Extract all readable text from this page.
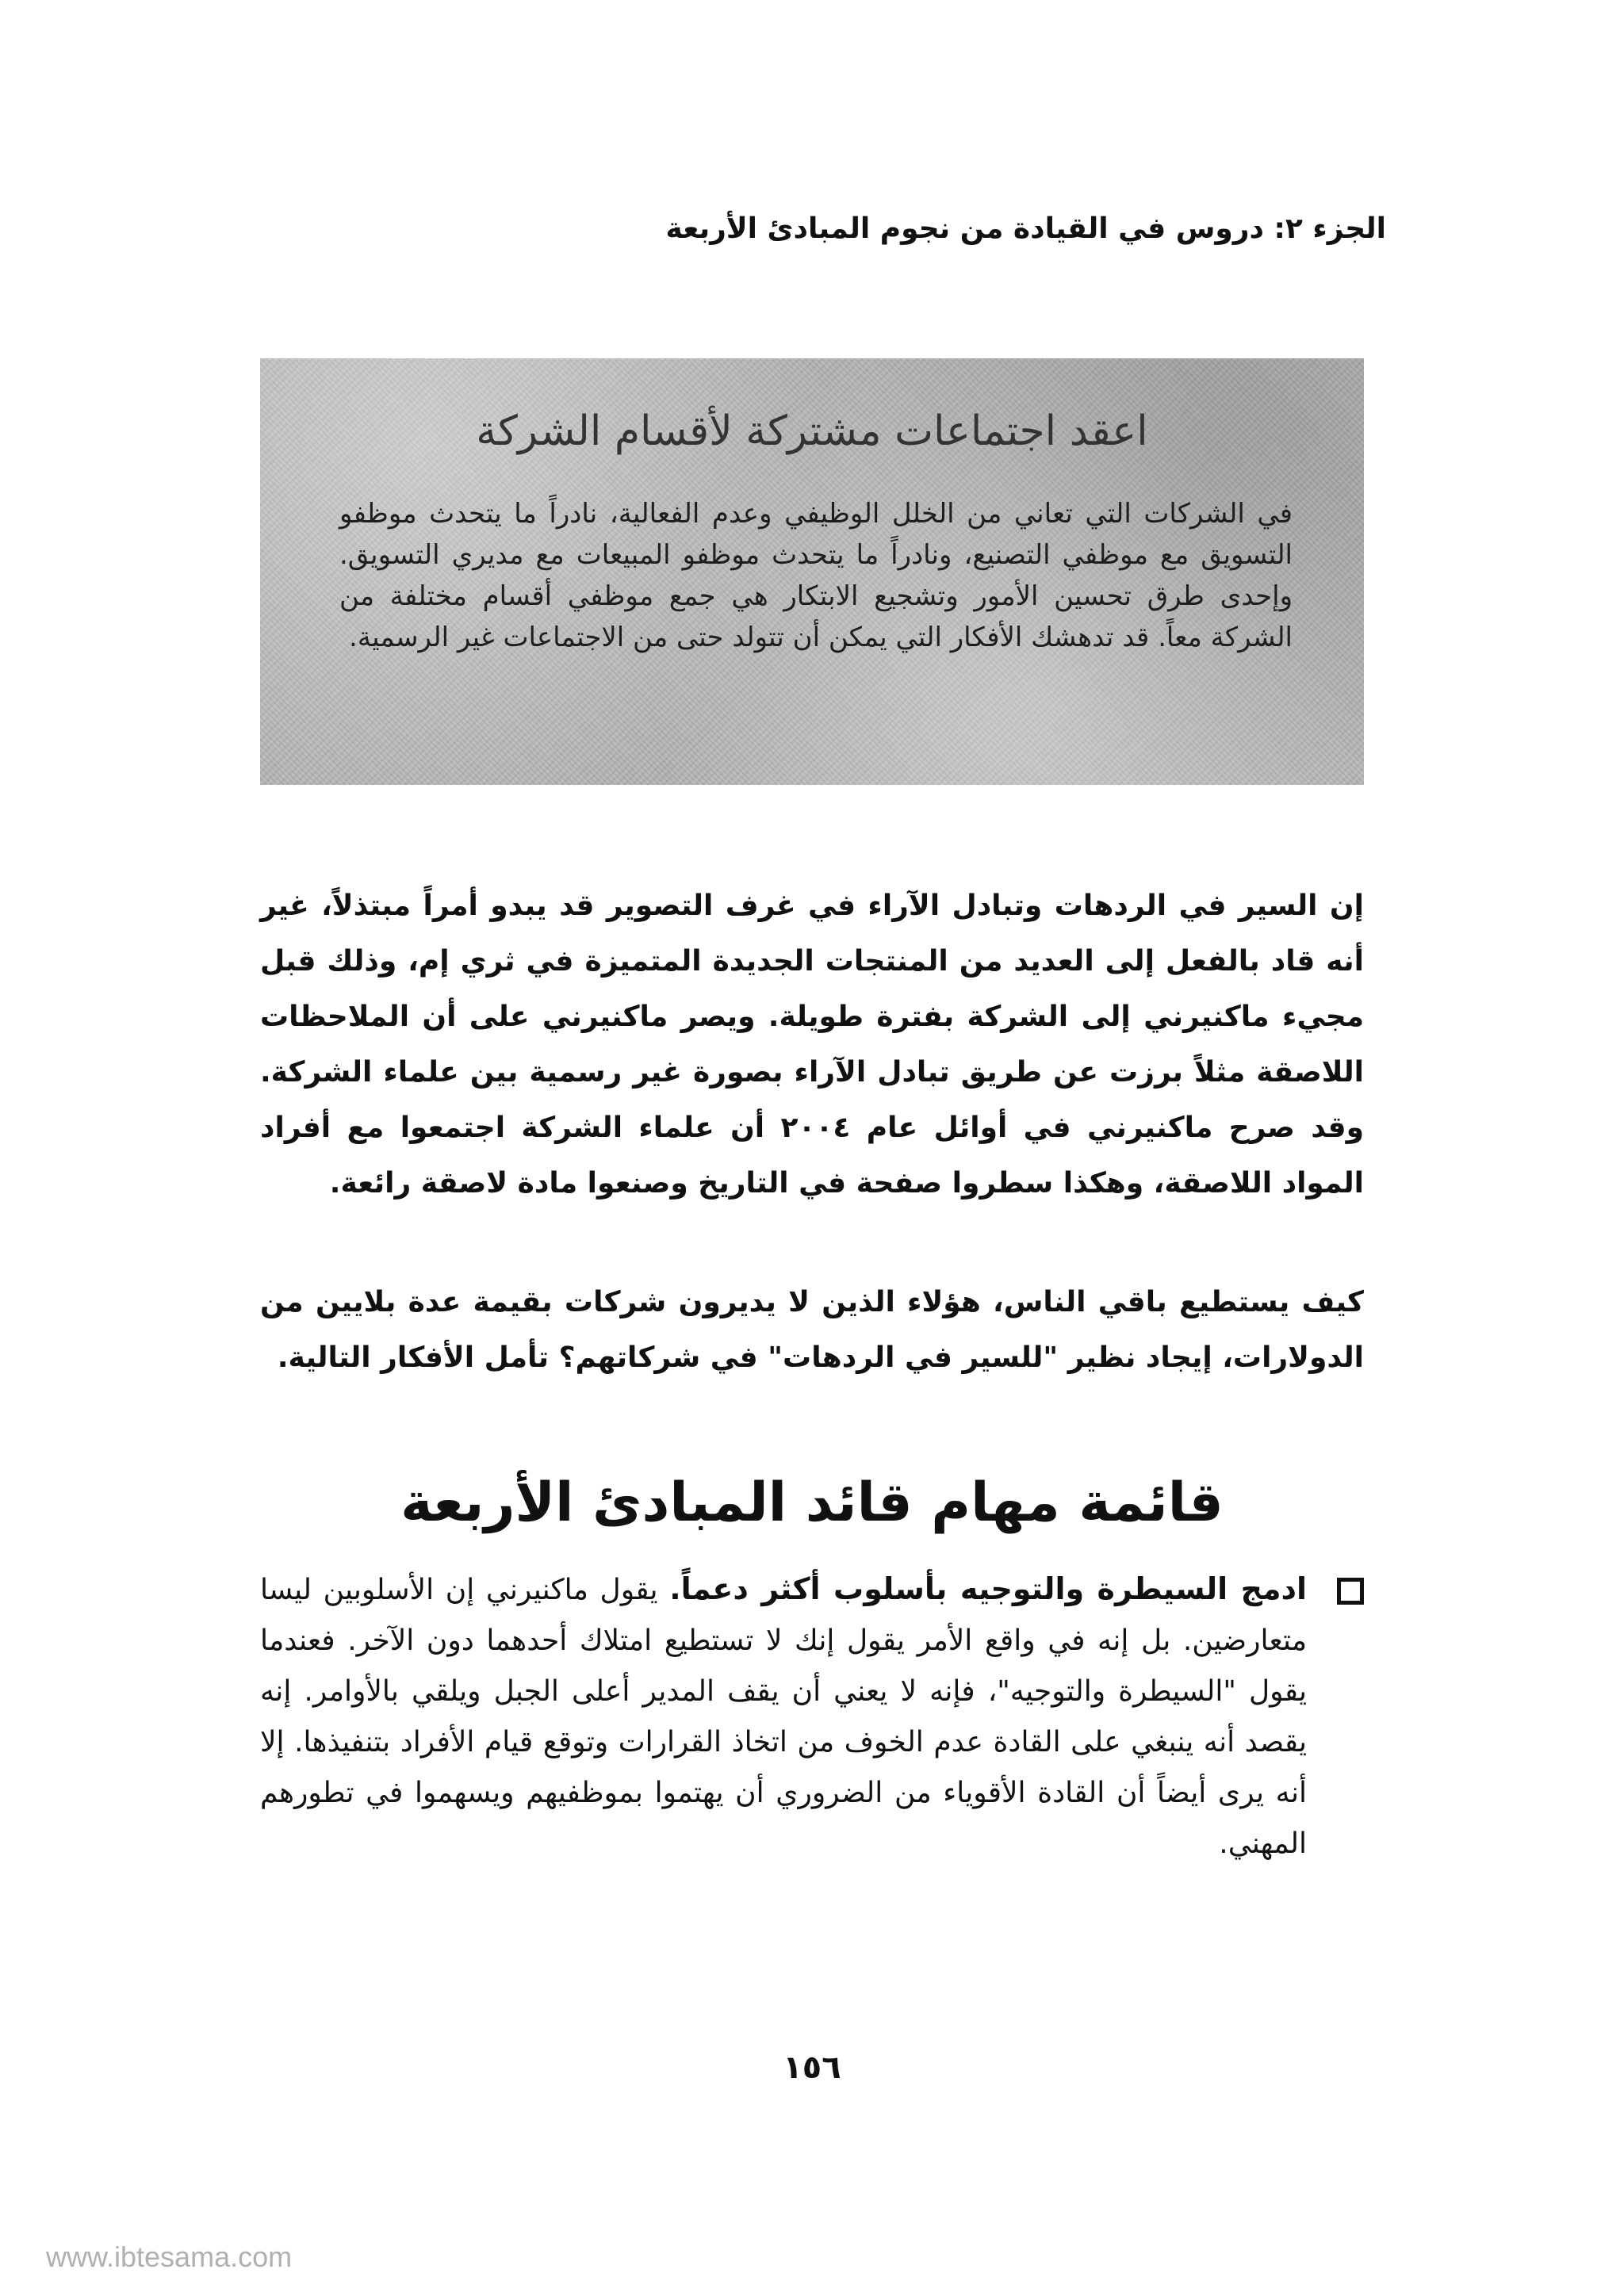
الجزء ٢: دروس في القيادة من نجوم المبادئ الأربعة
اعقد اجتماعات مشتركة لأقسام الشركة
في الشركات التي تعاني من الخلل الوظيفي وعدم الفعالية، نادراً ما يتحدث موظفو التسويق مع موظفي التصنيع، ونادراً ما يتحدث موظفو المبيعات مع مديري التسويق. وإحدى طرق تحسين الأمور وتشجيع الابتكار هي جمع موظفي أقسام مختلفة من الشركة معاً. قد تدهشك الأفكار التي يمكن أن تتولد حتى من الاجتماعات غير الرسمية.
إن السير في الردهات وتبادل الآراء في غرف التصوير قد يبدو أمراً مبتذلاً، غير أنه قاد بالفعل إلى العديد من المنتجات الجديدة المتميزة في ثري إم، وذلك قبل مجيء ماكنيرني إلى الشركة بفترة طويلة. ويصر ماكنيرني على أن الملاحظات اللاصقة مثلاً برزت عن طريق تبادل الآراء بصورة غير رسمية بين علماء الشركة. وقد صرح ماكنيرني في أوائل عام ٢٠٠٤ أن علماء الشركة اجتمعوا مع أفراد المواد اللاصقة، وهكذا سطروا صفحة في التاريخ وصنعوا مادة لاصقة رائعة.
كيف يستطيع باقي الناس، هؤلاء الذين لا يديرون شركات بقيمة عدة بلايين من الدولارات، إيجاد نظير "للسير في الردهات" في شركاتهم؟ تأمل الأفكار التالية.
قائمة مهام قائد المبادئ الأربعة
ادمج السيطرة والتوجيه بأسلوب أكثر دعماً. يقول ماكنيرني إن الأسلوبين ليسا متعارضين. بل إنه في واقع الأمر يقول إنك لا تستطيع امتلاك أحدهما دون الآخر. فعندما يقول "السيطرة والتوجيه"، فإنه لا يعني أن يقف المدير أعلى الجبل ويلقي بالأوامر. إنه يقصد أنه ينبغي على القادة عدم الخوف من اتخاذ القرارات وتوقع قيام الأفراد بتنفيذها. إلا أنه يرى أيضاً أن القادة الأقوياء من الضروري أن يهتموا بموظفيهم ويسهموا في تطورهم المهني.
١٥٦
www.ibtesama.com
